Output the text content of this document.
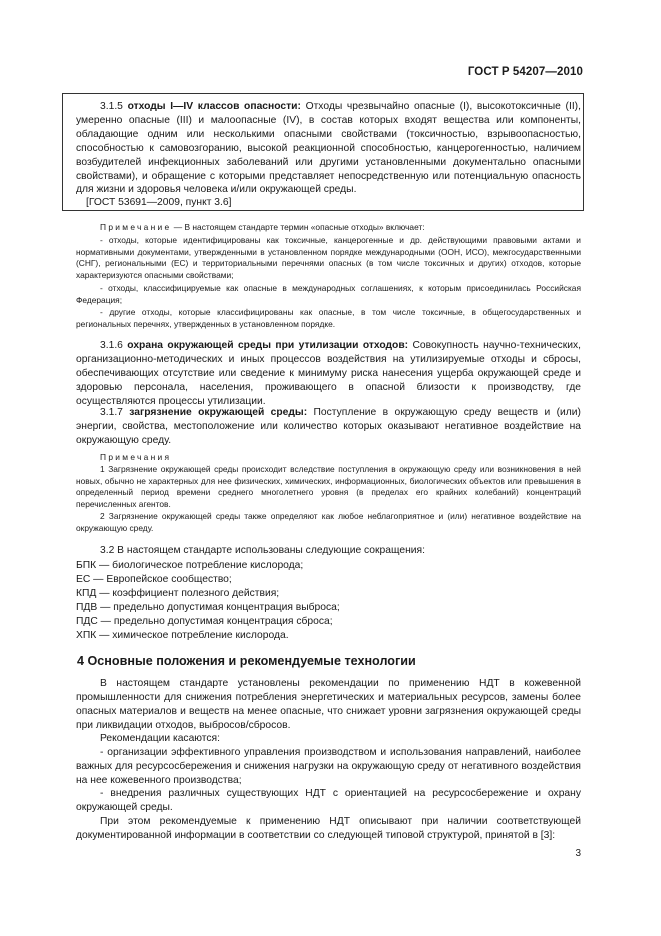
ГОСТ Р 54207—2010

3.1.5 отходы I—IV классов опасности: Отходы чрезвычайно опасные (I), высокотоксичные (II), умеренно опасные (III) и малоопасные (IV), в состав которых входят вещества или компоненты, обладающие одним или несколькими опасными свойствами (токсичностью, взрывоопасностью, способностью к самовозгоранию, высокой реакционной способностью, канцерогенностью, наличием возбудителей инфекционных заболеваний или другими установленными документально опасными свойствами), и обращение с которыми представляет непосредственную или потенциальную опасность для жизни и здоровья человека и/или окружающей среды.

[ГОСТ 53691—2009, пункт 3.6]

Примечание — В настоящем стандарте термин «опасные отходы» включает:

- отходы, которые идентифицированы как токсичные, канцерогенные и др. действующими правовыми актами и нормативными документами, утвержденными в установленном порядке международными (ООН, ИСО), межгосударственными (СНГ), региональными (ЕС) и территориальными перечнями опасных (в том числе токсичных и других) отходов, которые характеризуются опасными свойствами;

- отходы, классифицируемые как опасные в международных соглашениях, к которым присоединилась Российская Федерация;

- другие отходы, которые классифицированы как опасные, в том числе токсичные, в общегосударственных и региональных перечнях, утвержденных в установленном порядке.

3.1.6 охрана окружающей среды при утилизации отходов: Совокупность научно-технических, организационно-методических и иных процессов воздействия на утилизируемые отходы и сбросы, обеспечивающих отсутствие или сведение к минимуму риска нанесения ущерба окружающей среде и здоровью персонала, населения, проживающего в опасной близости к производству, где осуществляются процессы утилизации.

3.1.7 загрязнение окружающей среды: Поступление в окружающую среду веществ и (или) энергии, свойства, местоположение или количество которых оказывают негативное воздействие на окружающую среду.

Примечания

1 Загрязнение окружающей среды происходит вследствие поступления в окружающую среду или возникновения в ней новых, обычно не характерных для нее физических, химических, информационных, биологических объектов или превышения в определенный период времени среднего многолетнего уровня (в пределах его крайних колебаний) концентраций перечисленных агентов.

2 Загрязнение окружающей среды также определяют как любое неблагоприятное и (или) негативное воздействие на окружающую среду.

3.2 В настоящем стандарте использованы следующие сокращения:
БПК — биологическое потребление кислорода;
ЕС — Европейское сообщество;
КПД — коэффициент полезного действия;
ПДВ — предельно допустимая концентрация выброса;
ПДС — предельно допустимая концентрация сброса;
ХПК — химическое потребление кислорода.
4 Основные положения и рекомендуемые технологии

В настоящем стандарте установлены рекомендации по применению НДТ в кожевенной промышленности для снижения потребления энергетических и материальных ресурсов, замены более опасных материалов и веществ на менее опасные, что снижает уровни загрязнения окружающей среды при ликвидации отходов, выбросов/сбросов.

Рекомендации касаются:

- организации эффективного управления производством и использования направлений, наиболее важных для ресурсосбережения и снижения нагрузки на окружающую среду от негативного воздействия на нее кожевенного производства;

- внедрения различных существующих НДТ с ориентацией на ресурсосбережение и охрану окружающей среды.

При этом рекомендуемые к применению НДТ описывают при наличии соответствующей документированной информации в соответствии со следующей типовой структурой, принятой в [3]:

3
